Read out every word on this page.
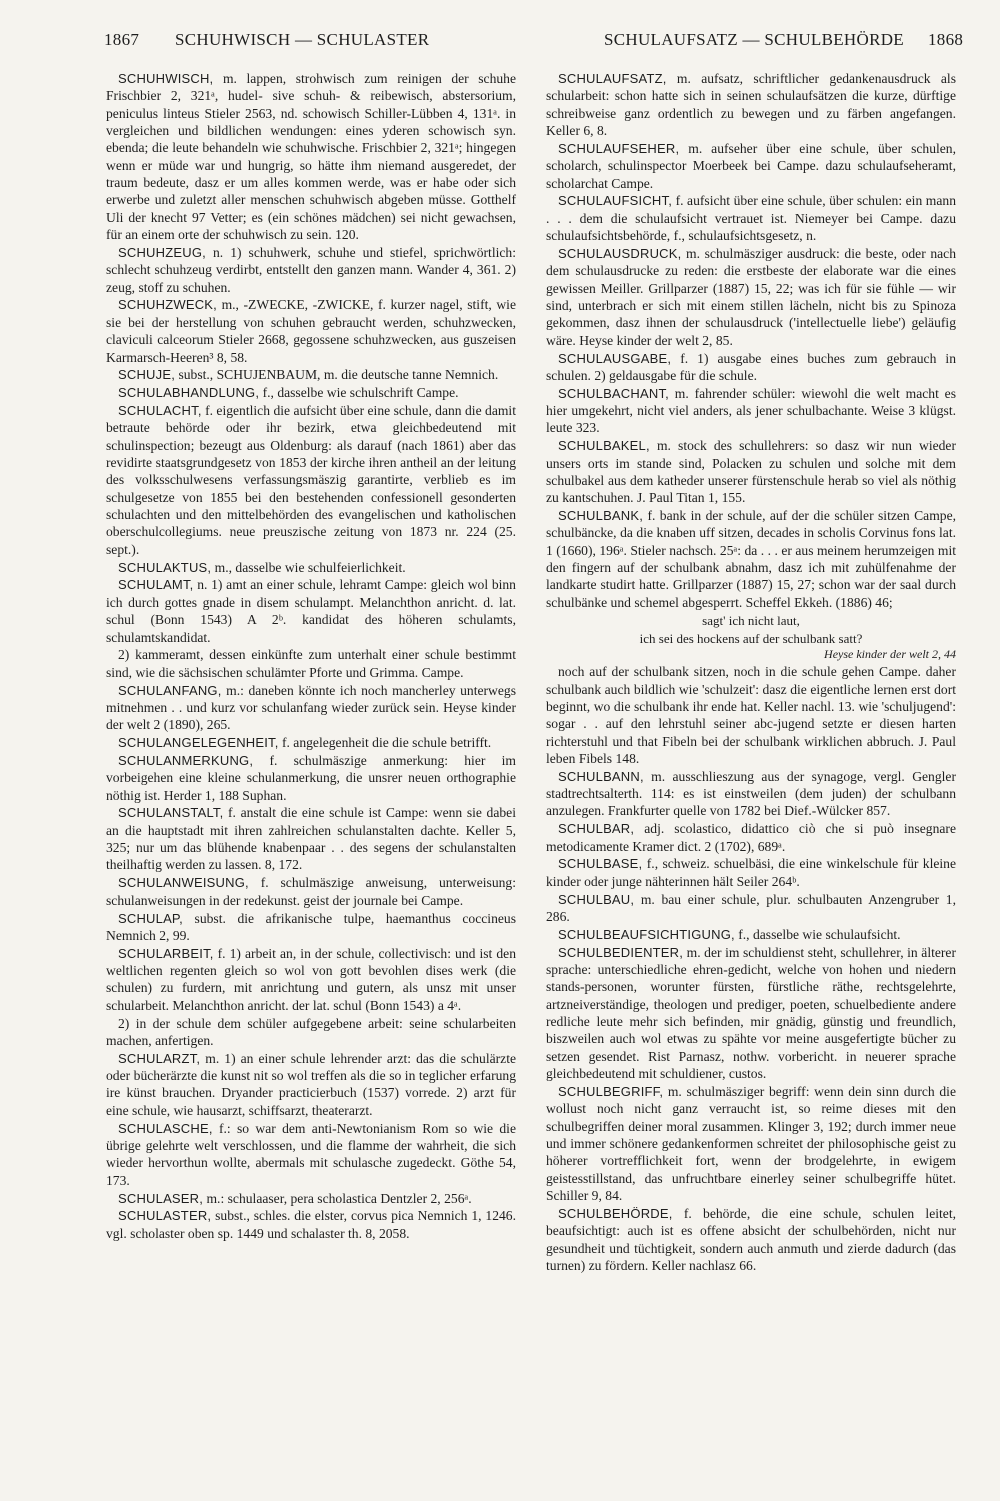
1867 SCHUHWISCH — SCHULASTER	SCHULAUFSATZ — SCHULBEHÖRDE 1868

SCHUHWISCH, m. lappen, strohwisch zum reinigen der schuhe Frischbier 2, 321ᵃ, hudel- sive schuh- & reibewisch, abstersorium, peniculus linteus Stieler 2563, nd. schowisch Schiller-Lübben 4, 131ᵃ. in vergleichen und bildlichen wendungen: eines yderen schowisch syn. ebenda; die leute behandeln wie schuhwische. Frischbier 2, 321ᵃ; hingegen wenn er müde war und hungrig, so hätte ihm niemand ausgeredet, der traum bedeute, dasz er um alles kommen werde, was er habe oder sich erwerbe und zuletzt aller menschen schuhwisch abgeben müsse. Gotthelf Uli der knecht 97 Vetter; es (ein schönes mädchen) sei nicht gewachsen, für an einem orte der schuhwisch zu sein. 120.

SCHUHZEUG, n. 1) schuhwerk, schuhe und stiefel, sprichwörtlich: schlecht schuhzeug verdirbt, entstellt den ganzen mann. Wander 4, 361. 2) zeug, stoff zu schuhen.

SCHUHZWECK, m., -ZWECKE, -ZWICKE, f. kurzer nagel, stift, wie sie bei der herstellung von schuhen gebraucht werden, schuhzwecken, claviculi calceorum Stieler 2668, gegossene schuhzwecken, aus guszeisen Karmarsch-Heeren³ 8, 58.

SCHUJE, subst., SCHUJENBAUM, m. die deutsche tanne Nemnich.

SCHULABHANDLUNG, f., dasselbe wie schulschrift Campe.

SCHULACHT, f. eigentlich die aufsicht über eine schule, dann die damit betraute behörde oder ihr bezirk, etwa gleichbedeutend mit schulinspection; bezeugt aus Oldenburg: als darauf (nach 1861) aber das revidirte staatsgrundgesetz von 1853 der kirche ihren antheil an der leitung des volksschulwesens verfassungsmäszig garantirte, verblieb es im schulgesetze von 1855 bei den bestehenden confessionell gesonderten schulachten und den mittelbehörden des evangelischen und katholischen oberschulcollegiums. neue preuszische zeitung von 1873 nr. 224 (25. sept.).

SCHULAKTUS, m., dasselbe wie schulfeierlichkeit.

SCHULAMT, n. 1) amt an einer schule, lehramt Campe: gleich wol binn ich durch gottes gnade in disem schulampt. Melanchthon anricht. d. lat. schul (Bonn 1543) A 2ᵇ. kandidat des höheren schulamts, schulamtskandidat.

2) kammeramt, dessen einkünfte zum unterhalt einer schule bestimmt sind, wie die sächsischen schulämter Pforte und Grimma. Campe.

SCHULANFANG, m.: daneben könnte ich noch mancherley unterwegs mitnehmen . . und kurz vor schulanfang wieder zurück sein. Heyse kinder der welt 2 (1890), 265.

SCHULANGELEGENHEIT, f. angelegenheit die die schule betrifft.

SCHULANMERKUNG, f. schulmäszige anmerkung: hier im vorbeigehen eine kleine schulanmerkung, die unsrer neuen orthographie nöthig ist. Herder 1, 188 Suphan.

SCHULANSTALT, f. anstalt die eine schule ist Campe: wenn sie dabei an die hauptstadt mit ihren zahlreichen schulanstalten dachte. Keller 5, 325; nur um das blühende knabenpaar . . des segens der schulanstalten theilhaftig werden zu lassen. 8, 172.

SCHULANWEISUNG, f. schulmäszige anweisung, unterweisung: schulanweisungen in der redekunst. geist der journale bei Campe.

SCHULAP, subst. die afrikanische tulpe, haemanthus coccineus Nemnich 2, 99.

SCHULARBEIT, f. 1) arbeit an, in der schule, collectivisch: und ist den weltlichen regenten gleich so wol von gott bevohlen dises werk (die schulen) zu furdern, mit anrichtung und gutern, als unsz mit unser schularbeit. Melanchthon anricht. der lat. schul (Bonn 1543) a 4ᵃ.

2) in der schule dem schüler aufgegebene arbeit: seine schularbeiten machen, anfertigen.

SCHULARZT, m. 1) an einer schule lehrender arzt: das die schulärzte oder bücherärzte die kunst nit so wol treffen als die so in teglicher erfarung ire künst brauchen. Dryander practicierbuch (1537) vorrede. 2) arzt für eine schule, wie hausarzt, schiffsarzt, theaterarzt.

SCHULASCHE, f.: so war dem anti-Newtonianism Rom so wie die übrige gelehrte welt verschlossen, und die flamme der wahrheit, die sich wieder hervorthun wollte, abermals mit schulasche zugedeckt. Göthe 54, 173.

SCHULASER, m.: schulaaser, pera scholastica Dentzler 2, 256ᵃ.

SCHULASTER, subst., schles. die elster, corvus pica Nemnich 1, 1246. vgl. scholaster oben sp. 1449 und schalaster th. 8, 2058.

SCHULAUFSATZ, m. aufsatz, schriftlicher gedankenausdruck als schularbeit: schon hatte sich in seinen schulaufsätzen die kurze, dürftige schreibweise ganz ordentlich zu bewegen und zu färben angefangen. Keller 6, 8.

SCHULAUFSEHER, m. aufseher über eine schule, über schulen, scholarch, schulinspector Moerbeek bei Campe. dazu schulaufseheramt, scholarchat Campe.

SCHULAUFSICHT, f. aufsicht über eine schule, über schulen: ein mann . . . dem die schulaufsicht vertrauet ist. Niemeyer bei Campe. dazu schulaufsichtsbehörde, f., schulaufsichtsgesetz, n.

SCHULAUSDRUCK, m. schulmäsziger ausdruck: die beste, oder nach dem schulausdrucke zu reden: die erstbeste der elaborate war die eines gewissen Meiller. Grillparzer (1887) 15, 22; was ich für sie fühle — wir sind, unterbrach er sich mit einem stillen lächeln, nicht bis zu Spinoza gekommen, dasz ihnen der schulausdruck ('intellectuelle liebe') geläufig wäre. Heyse kinder der welt 2, 85.

SCHULAUSGABE, f. 1) ausgabe eines buches zum gebrauch in schulen. 2) geldausgabe für die schule.

SCHULBACHANT, m. fahrender schüler: wiewohl die welt macht es hier umgekehrt, nicht viel anders, als jener schulbachante. Weise 3 klügst. leute 323.

SCHULBAKEL, m. stock des schullehrers: so dasz wir nun wieder unsers orts im stande sind, Polacken zu schulen und solche mit dem schulbakel aus dem katheder unserer fürstenschule herab so viel als nöthig zu kantschuhen. J. Paul Titan 1, 155.

SCHULBANK, f. bank in der schule, auf der die schüler sitzen Campe, schulbäncke, da die knaben uff sitzen, decades in scholis Corvinus fons lat. 1 (1660), 196ᵃ. Stieler nachsch. 25ᵃ: da . . . er aus meinem herumzeigen mit den fingern auf der schulbank abnahm, dasz ich mit zuhülfenahme der landkarte studirt hatte. Grillparzer (1887) 15, 27; schon war der saal durch schulbänke und schemel abgesperrt. Scheffel Ekkeh. (1886) 46;

sagt' ich nicht laut,
ich sei des hockens auf der schulbank satt?
Heyse kinder der welt 2, 44

noch auf der schulbank sitzen, noch in die schule gehen Campe. daher schulbank auch bildlich wie 'schulzeit': dasz die eigentliche lernen erst dort beginnt, wo die schulbank ihr ende hat. Keller nachl. 13. wie 'schuljugend': sogar . . auf den lehrstuhl seiner abc-jugend setzte er diesen harten richterstuhl und that Fibeln bei der schulbank wirklichen abbruch. J. Paul leben Fibels 148.

SCHULBANN, m. ausschlieszung aus der synagoge, vergl. Gengler stadtrechtsalterth. 114: es ist einstweilen (dem juden) der schulbann anzulegen. Frankfurter quelle von 1782 bei Dief.-Wülcker 857.

SCHULBAR, adj. scolastico, didattico ciò che si può insegnare metodicamente Kramer dict. 2 (1702), 689ᵃ.

SCHULBASE, f., schweiz. schuelbäsi, die eine winkelschule für kleine kinder oder junge nähterinnen hält Seiler 264ᵇ.

SCHULBAU, m. bau einer schule, plur. schulbauten Anzengruber 1, 286.

SCHULBEAUFSICHTIGUNG, f., dasselbe wie schulaufsicht.

SCHULBEDIENTER, m. der im schuldienst steht, schullehrer, in älterer sprache: unterschiedliche ehren-gedicht, welche von hohen und niedern stands-personen, worunter fürsten, fürstliche räthe, rechtsgelehrte, artzneiverständige, theologen und prediger, poeten, schuelbediente andere redliche leute mehr sich befinden, mir gnädig, günstig und freundlich, biszweilen auch wol etwas zu spähte vor meine ausgefertigte bücher zu setzen gesendet. Rist Parnasz, nothw. vorbericht. in neuerer sprache gleichbedeutend mit schuldiener, custos.

SCHULBEGRIFF, m. schulmäsziger begriff: wenn dein sinn durch die wollust noch nicht ganz verraucht ist, so reime dieses mit den schulbegriffen deiner moral zusammen. Klinger 3, 192; durch immer neue und immer schönere gedankenformen schreitet der philosophische geist zu höherer vortrefflichkeit fort, wenn der brodgelehrte, in ewigem geistesstillstand, das unfruchtbare einerley seiner schulbegriffe hütet. Schiller 9, 84.

SCHULBEHÖRDE, f. behörde, die eine schule, schulen leitet, beaufsichtigt: auch ist es offene absicht der schulbehörden, nicht nur gesundheit und tüchtigkeit, sondern auch anmuth und zierde dadurch (das turnen) zu fördern. Keller nachlasz 66.
